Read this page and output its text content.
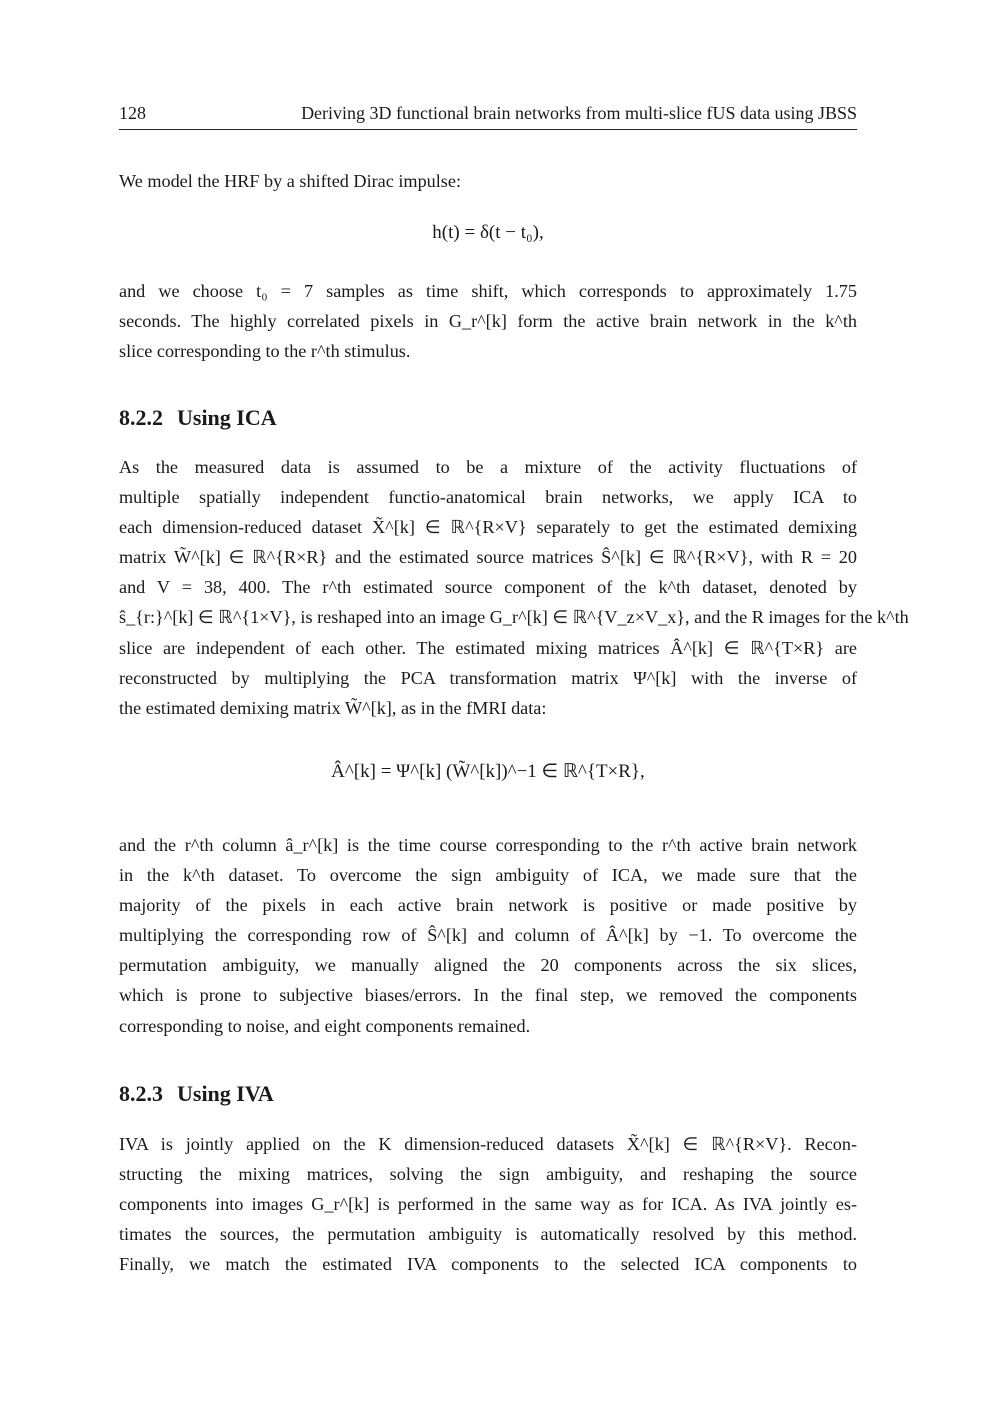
128	Deriving 3D functional brain networks from multi-slice fUS data using JBSS

We model the HRF by a shifted Dirac impulse:

h(t) = δ(t − t₀),

and we choose t₀ = 7 samples as time shift, which corresponds to approximately 1.75
seconds. The highly correlated pixels in G_r^[k] form the active brain network in the k^th
slice corresponding to the r^th stimulus.

8.2.2 Using ICA

As the measured data is assumed to be a mixture of the activity fluctuations of
multiple spatially independent functio-anatomical brain networks, we apply ICA to
each dimension-reduced dataset X̃^[k] ∈ ℝ^{R×V} separately to get the estimated demixing
matrix W̃^[k] ∈ ℝ^{R×R} and the estimated source matrices Ŝ^[k] ∈ ℝ^{R×V}, with R = 20
and V = 38, 400. The r^th estimated source component of the k^th dataset, denoted by
ŝ_{r:}^[k] ∈ ℝ^{1×V}, is reshaped into an image G_r^[k] ∈ ℝ^{V_z×V_x}, and the R images for the k^th
slice are independent of each other. The estimated mixing matrices Â^[k] ∈ ℝ^{T×R} are
reconstructed by multiplying the PCA transformation matrix Ψ^[k] with the inverse of
the estimated demixing matrix W̃^[k], as in the fMRI data:

Â^[k] = Ψ^[k] (W̃^[k])^−1 ∈ ℝ^{T×R},

and the r^th column â_r^[k] is the time course corresponding to the r^th active brain network
in the k^th dataset. To overcome the sign ambiguity of ICA, we made sure that the
majority of the pixels in each active brain network is positive or made positive by
multiplying the corresponding row of Ŝ^[k] and column of Â^[k] by −1. To overcome the
permutation ambiguity, we manually aligned the 20 components across the six slices,
which is prone to subjective biases/errors. In the final step, we removed the components
corresponding to noise, and eight components remained.

8.2.3 Using IVA

IVA is jointly applied on the K dimension-reduced datasets X̃^[k] ∈ ℝ^{R×V}. Recon-
structing the mixing matrices, solving the sign ambiguity, and reshaping the source
components into images G_r^[k] is performed in the same way as for ICA. As IVA jointly es-
timates the sources, the permutation ambiguity is automatically resolved by this method.
Finally, we match the estimated IVA components to the selected ICA components to
